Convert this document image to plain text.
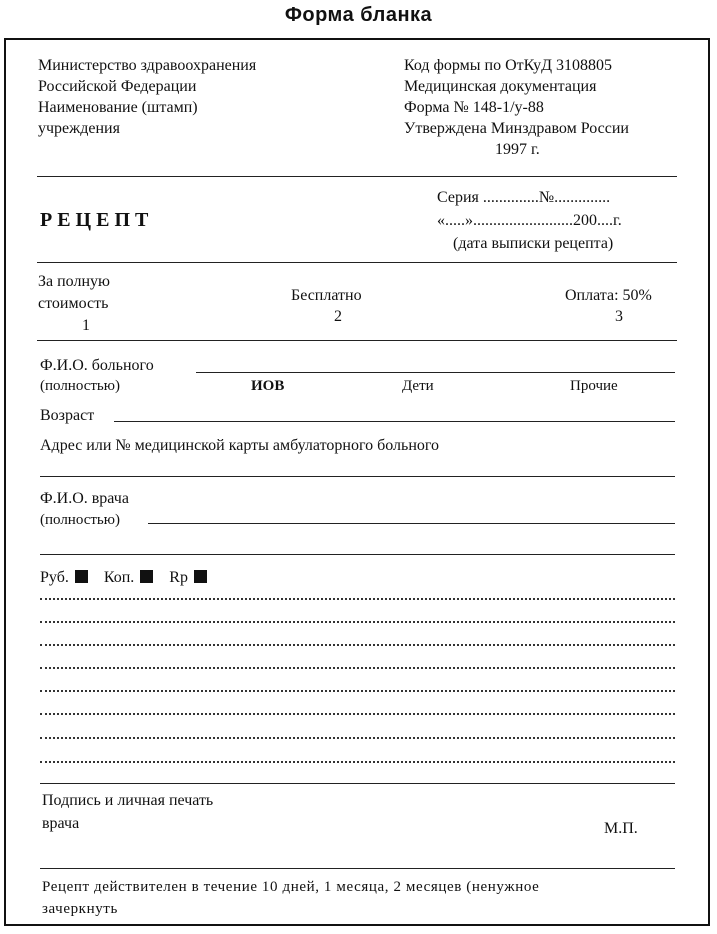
Форма бланка
Министерство здравоохранения
Российской Федерации
Наименование (штамп)
учреждения
Код формы по ОтКуД 3108805
Медицинская документация
Форма № 148-1/у-88
Утверждена Минздравом России
1997 г.
РЕЦЕПТ
Серия ..............№..............
«.....».........................200....г.
(дата выписки рецепта)
За полную
стоимость
1
Бесплатно
2
Оплата: 50%
3
Ф.И.О. больного
(полностью)	ИОВ	Дети	Прочие
Возраст
Адрес или № медицинской карты амбулаторного больного
Ф.И.О. врача
(полностью)
Руб. Коп. Rp
Подпись и личная печать
врача	М.П.
Рецепт действителен в течение 10 дней, 1 месяца, 2 месяцев (ненужное
зачеркнуть
